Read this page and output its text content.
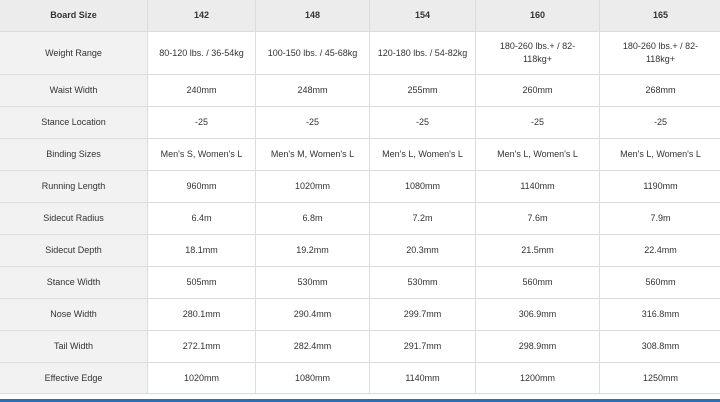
Board Size	142	148	154	160	165
Weight Range	80-120 lbs. / 36-54kg	100-150 lbs. / 45-68kg	120-180 lbs. / 54-82kg	180-260 lbs.+ / 82-118kg+	180-260 lbs.+ / 82-118kg+

Waist Width	240mm	248mm	255mm	260mm	268mm
Stance Location	-25	-25	-25	-25	-25
Binding Sizes	Men's S, Women's L	Men's M, Women's L	Men's L, Women's L	Men's L, Women's L	Men's L, Women's L
Running Length	960mm	1020mm	1080mm	1140mm	1190mm
Sidecut Radius	6.4m	6.8m	7.2m	7.6m	7.9m
Sidecut Depth	18.1mm	19.2mm	20.3mm	21.5mm	22.4mm
Stance Width	505mm	530mm	530mm	560mm	560mm
Nose Width	280.1mm	290.4mm	299.7mm	306.9mm	316.8mm
Tail Width	272.1mm	282.4mm	291.7mm	298.9mm	308.8mm
Effective Edge	1020mm	1080mm	1140mm	1200mm	1250mm
